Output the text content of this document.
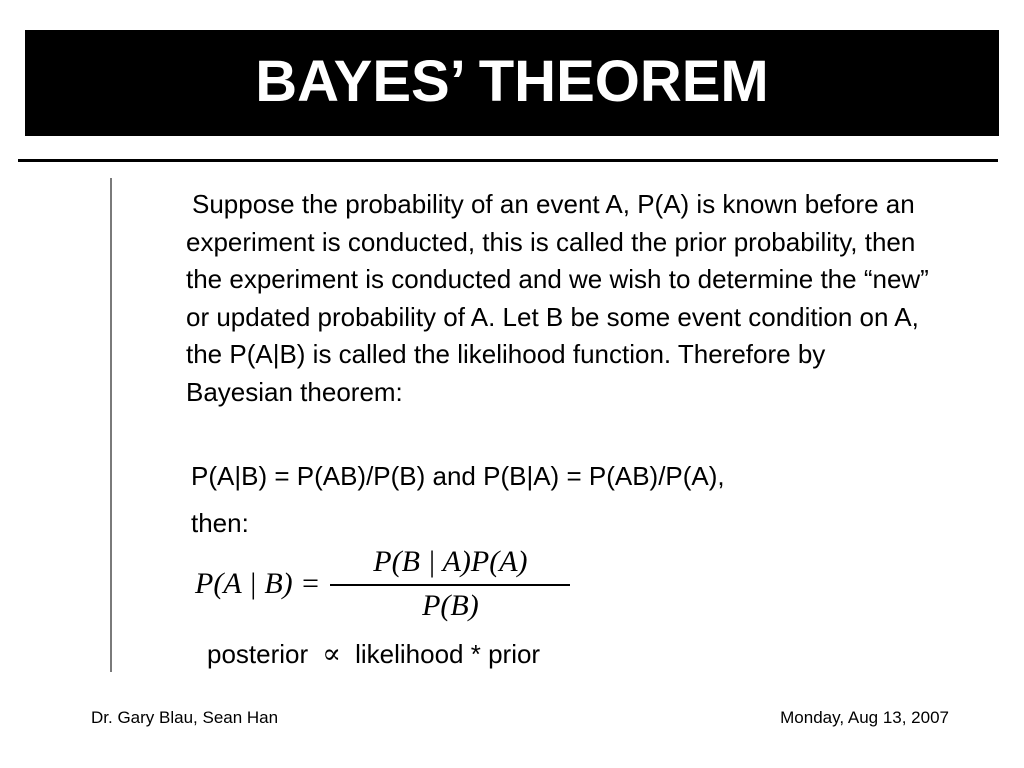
BAYES’ THEOREM

Suppose the probability of an event A, P(A) is known before an experiment is conducted, this is called the prior probability, then the experiment is conducted and we wish to determine the “new” or updated probability of A. Let B be some event condition on A, the P(A|B) is called the likelihood function. Therefore by Bayesian theorem:

P(A|B) = P(AB)/P(B) and P(B|A) = P(AB)/P(A),

then:

P(A | $B) = \frac{P(B | A)P(A)}{P(B)}$
posterior ∝ likelihood * prior
Dr. Gary Blau, Sean Han	Monday, Aug 13, 2007
